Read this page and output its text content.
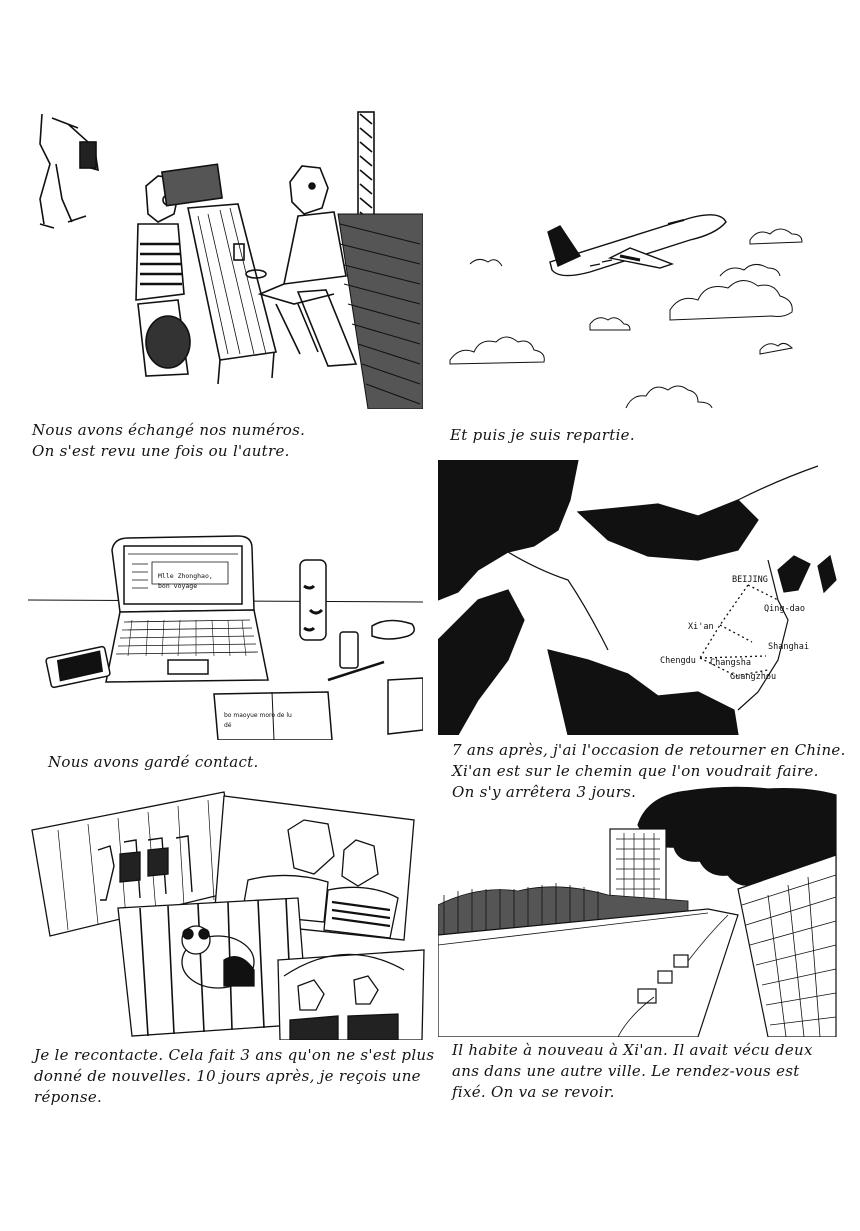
Nous avons échangé nos numéros.
On s'est revu une fois ou l'autre.
Et puis je suis repartie.
Mlle Zhonghao,
bon voyage
bo maoyue moro de lu
dé
Nous avons gardé contact.
BEIJING
Qing-dao
Xi'an
Shanghai
Chengdu Changsha
Guangzhou
7 ans après, j'ai l'occasion de retourner en Chine.
Xi'an est sur le chemin que l'on voudrait faire.
On s'y arrêtera 3 jours.
Je le recontacte. Cela fait 3 ans qu'on ne s'est plus
donné de nouvelles. 10 jours après, je reçois une
réponse.
Il habite à nouveau à Xi'an. Il avait vécu deux
ans dans une autre ville. Le rendez-vous est
fixé. On va se revoir.
